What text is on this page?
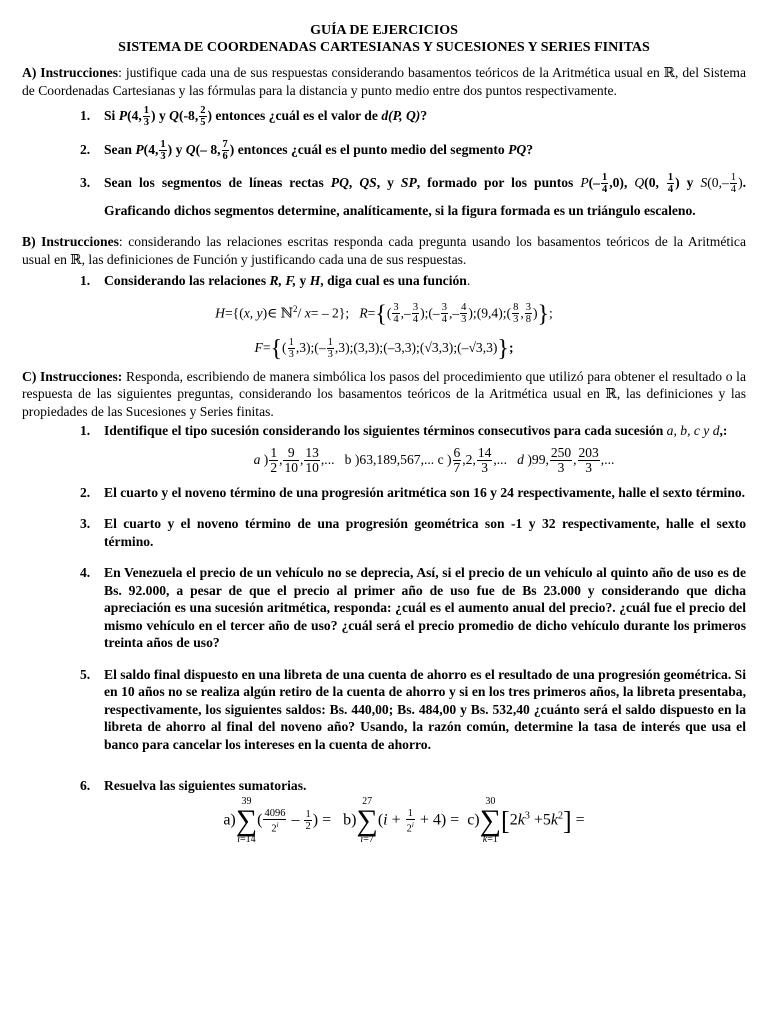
GUÍA DE EJERCICIOS

SISTEMA DE COORDENADAS CARTESIANAS Y SUCESIONES Y SERIES FINITAS

A) Instrucciones: justifique cada una de sus respuestas considerando basamentos teóricos de la Aritmética usual en ℝ, del Sistema de Coordenadas Cartesianas y las fórmulas para la distancia y punto medio entre dos puntos respectivamente.

1. Si P(4, $\frac{1}{3}$ ) y Q(-8, $\frac{2}{5}$ ) entonces ¿cuál es el valor de d(P, Q)?
2. Sean P(4, $\frac{1}{3}$ ) y Q(– 8, $\frac{7}{6}$ ) entonces ¿cuál es el punto medio del segmento PQ?
3. Sean los segmentos de líneas rectas PQ, QS, y SP, formado por los puntos $P(- \frac{1}{4} ,0)$, Q(0, $\frac{1}{4}$ ) y $S(0,- \frac{1}{4}$ ). Graficando dichos segmentos determine, analíticamente, si la figura formada es un triángulo escaleno.

B) Instrucciones: considerando las relaciones escritas responda cada pregunta usando los basamentos teóricos de la Aritmética usual en ℝ, las definiciones de Función y justificando cada una de sus respuestas.

1. Considerando las relaciones R, F, y H, diga cual es una función.
H={(x, y)∈ ℕ$^2$/ x= – 2};   $R=\{( \frac{3}{4}$ ,– $\frac{3}{4}$ );(– $\frac{3}{4}$ ,– $\frac{4}{3}$ );(9,4);( $\frac{8}{3}$ , $\frac{3}{8}$ )};
$F=\{( \frac{1}{3}$ ,3);(– $\frac{1}{3}$ ,3);(3,3);(–3,3);(√3,3);(–√3,3)};

C) Instrucciones: Responda, escribiendo de manera simbólica los pasos del procedimiento que utilizó para obtener el resultado o la respuesta de las siguientes preguntas, considerando los basamentos teóricos de la Aritmética usual en ℝ, las definiciones y las propiedades de las Sucesiones y Series finitas.

1. Identifique el tipo sucesión considerando los siguientes términos consecutivos para cada sucesión a, b, c y d,:
a ) $\frac{1}{2}$ , $\frac{9}{10}$ , $\frac{13}{10}$ ,...   b )63,189,567,... c ) $\frac{6}{7} ,2$, $\frac{14}{3}$ ,...   d )99, $\frac{250}{3}$ , $\frac{203}{3}$ ,...
2. El cuarto y el noveno término de una progresión aritmética son 16 y 24 respectivamente, halle el sexto término.
3. El cuarto y el noveno término de una progresión geométrica son -1 y 32 respectivamente, halle el sexto término.
4. En Venezuela el precio de un vehículo no se deprecia, Así, si el precio de un vehículo al quinto año de uso es de Bs. 92.000, a pesar de que el precio al primer año de uso fue de Bs 23.000 y considerando que dicha apreciación es una sucesión aritmética, responda: ¿cuál es el aumento anual del precio?. ¿cuál fue el precio del mismo vehículo en el tercer año de uso? ¿cuál será el precio promedio de dicho vehículo durante los primeros treinta años de uso?
5. El saldo final dispuesto en una libreta de una cuenta de ahorro es el resultado de una progresión geométrica. Si en 10 años no se realiza algún retiro de la cuenta de ahorro y si en los tres primeros años, la libreta presentaba, respectivamente, los siguientes saldos: Bs. 440,00; Bs. 484,00 y Bs. 532,40 ¿cuánto será el saldo dispuesto en la libreta de ahorro al final del noveno año? Usando, la razón común, determine la tasa de interés que usa el banco para cancelar los intereses en la cuenta de ahorro.
6. Resuelva las siguientes sumatorias.
a)
39
∑
i=14
( $\frac{4096}{2^i} - \frac{1}{2}$ ) =   b)
27
∑
i=7
$(i + \frac{1}{2^i} + 4) = c$)
30
∑
k=1
$[2k^3 +5k^2]$ =
